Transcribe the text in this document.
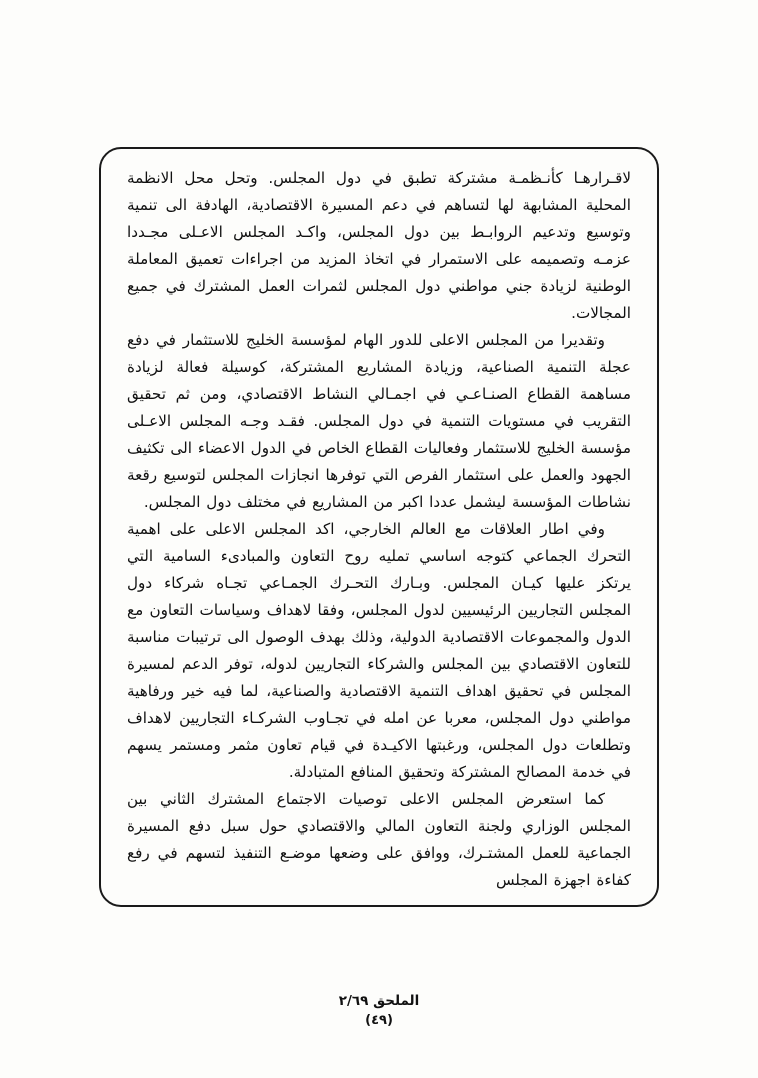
لاقـرارهـا كأنـظمـة مشتركة تطبق في دول المجلس. وتحل محل الانظمة المحلية المشابهة لها لتساهم في دعم المسيرة الاقتصادية، الهادفة الى تنمية وتوسيع وتدعيم الروابـط بين دول المجلس، واكـد المجلس الاعـلى مجـددا عزمـه وتصميمه على الاستمرار في اتخاذ المزيد من اجراءات تعميق المعاملة الوطنية لزيادة جني مواطني دول المجلس لثمرات العمل المشترك في جميع المجالات.

وتقديرا من المجلس الاعلى للدور الهام لمؤسسة الخليج للاستثمار في دفع عجلة التنمية الصناعية، وزيادة المشاريع المشتركة، كوسيلة فعالة لزيادة مساهمة القطاع الصنـاعـي في اجمـالي النشاط الاقتصادي، ومن ثم تحقيق التقريب في مستويات التنمية في دول المجلس. فقـد وجـه المجلس الاعـلى مؤسسة الخليج للاستثمار وفعاليات القطاع الخاص في الدول الاعضاء الى تكثيف الجهود والعمل على استثمار الفرص التي توفرها انجازات المجلس لتوسيع رقعة نشاطات المؤسسة ليشمل عددا اكبر من المشاريع في مختلف دول المجلس.

وفي اطار العلاقات مع العالم الخارجي، اكد المجلس الاعلى على اهمية التحرك الجماعي كتوجه اساسي تمليه روح التعاون والمبادىء السامية التي يرتكز عليها كيـان المجلس. وبـارك التحـرك الجمـاعي تجـاه شركاء دول المجلس التجاريين الرئيسيين لدول المجلس، وفقا لاهداف وسياسات التعاون مع الدول والمجموعات الاقتصادية الدولية، وذلك بهدف الوصول الى ترتيبات مناسبة للتعاون الاقتصادي بين المجلس والشركاء التجاريين لدوله، توفر الدعم لمسيرة المجلس في تحقيق اهداف التنمية الاقتصادية والصناعية، لما فيه خير ورفاهية مواطني دول المجلس، معربا عن امله في تجـاوب الشركـاء التجاريين لاهداف وتطلعات دول المجلس، ورغبتها الاكيـدة في قيام تعاون مثمر ومستمر يسهم في خدمة المصالح المشتركة وتحقيق المنافع المتبادلة.

كما استعرض المجلس الاعلى توصيات الاجتماع المشترك الثاني بين المجلس الوزاري ولجنة التعاون المالي والاقتصادي حول سبل دفع المسيرة الجماعية للعمل المشتـرك، ووافق على وضعها موضـع التنفيذ لتسهم في رفع كفاءة اجهزة المجلس

الملحق ٢/٦٩
(٤٩)
